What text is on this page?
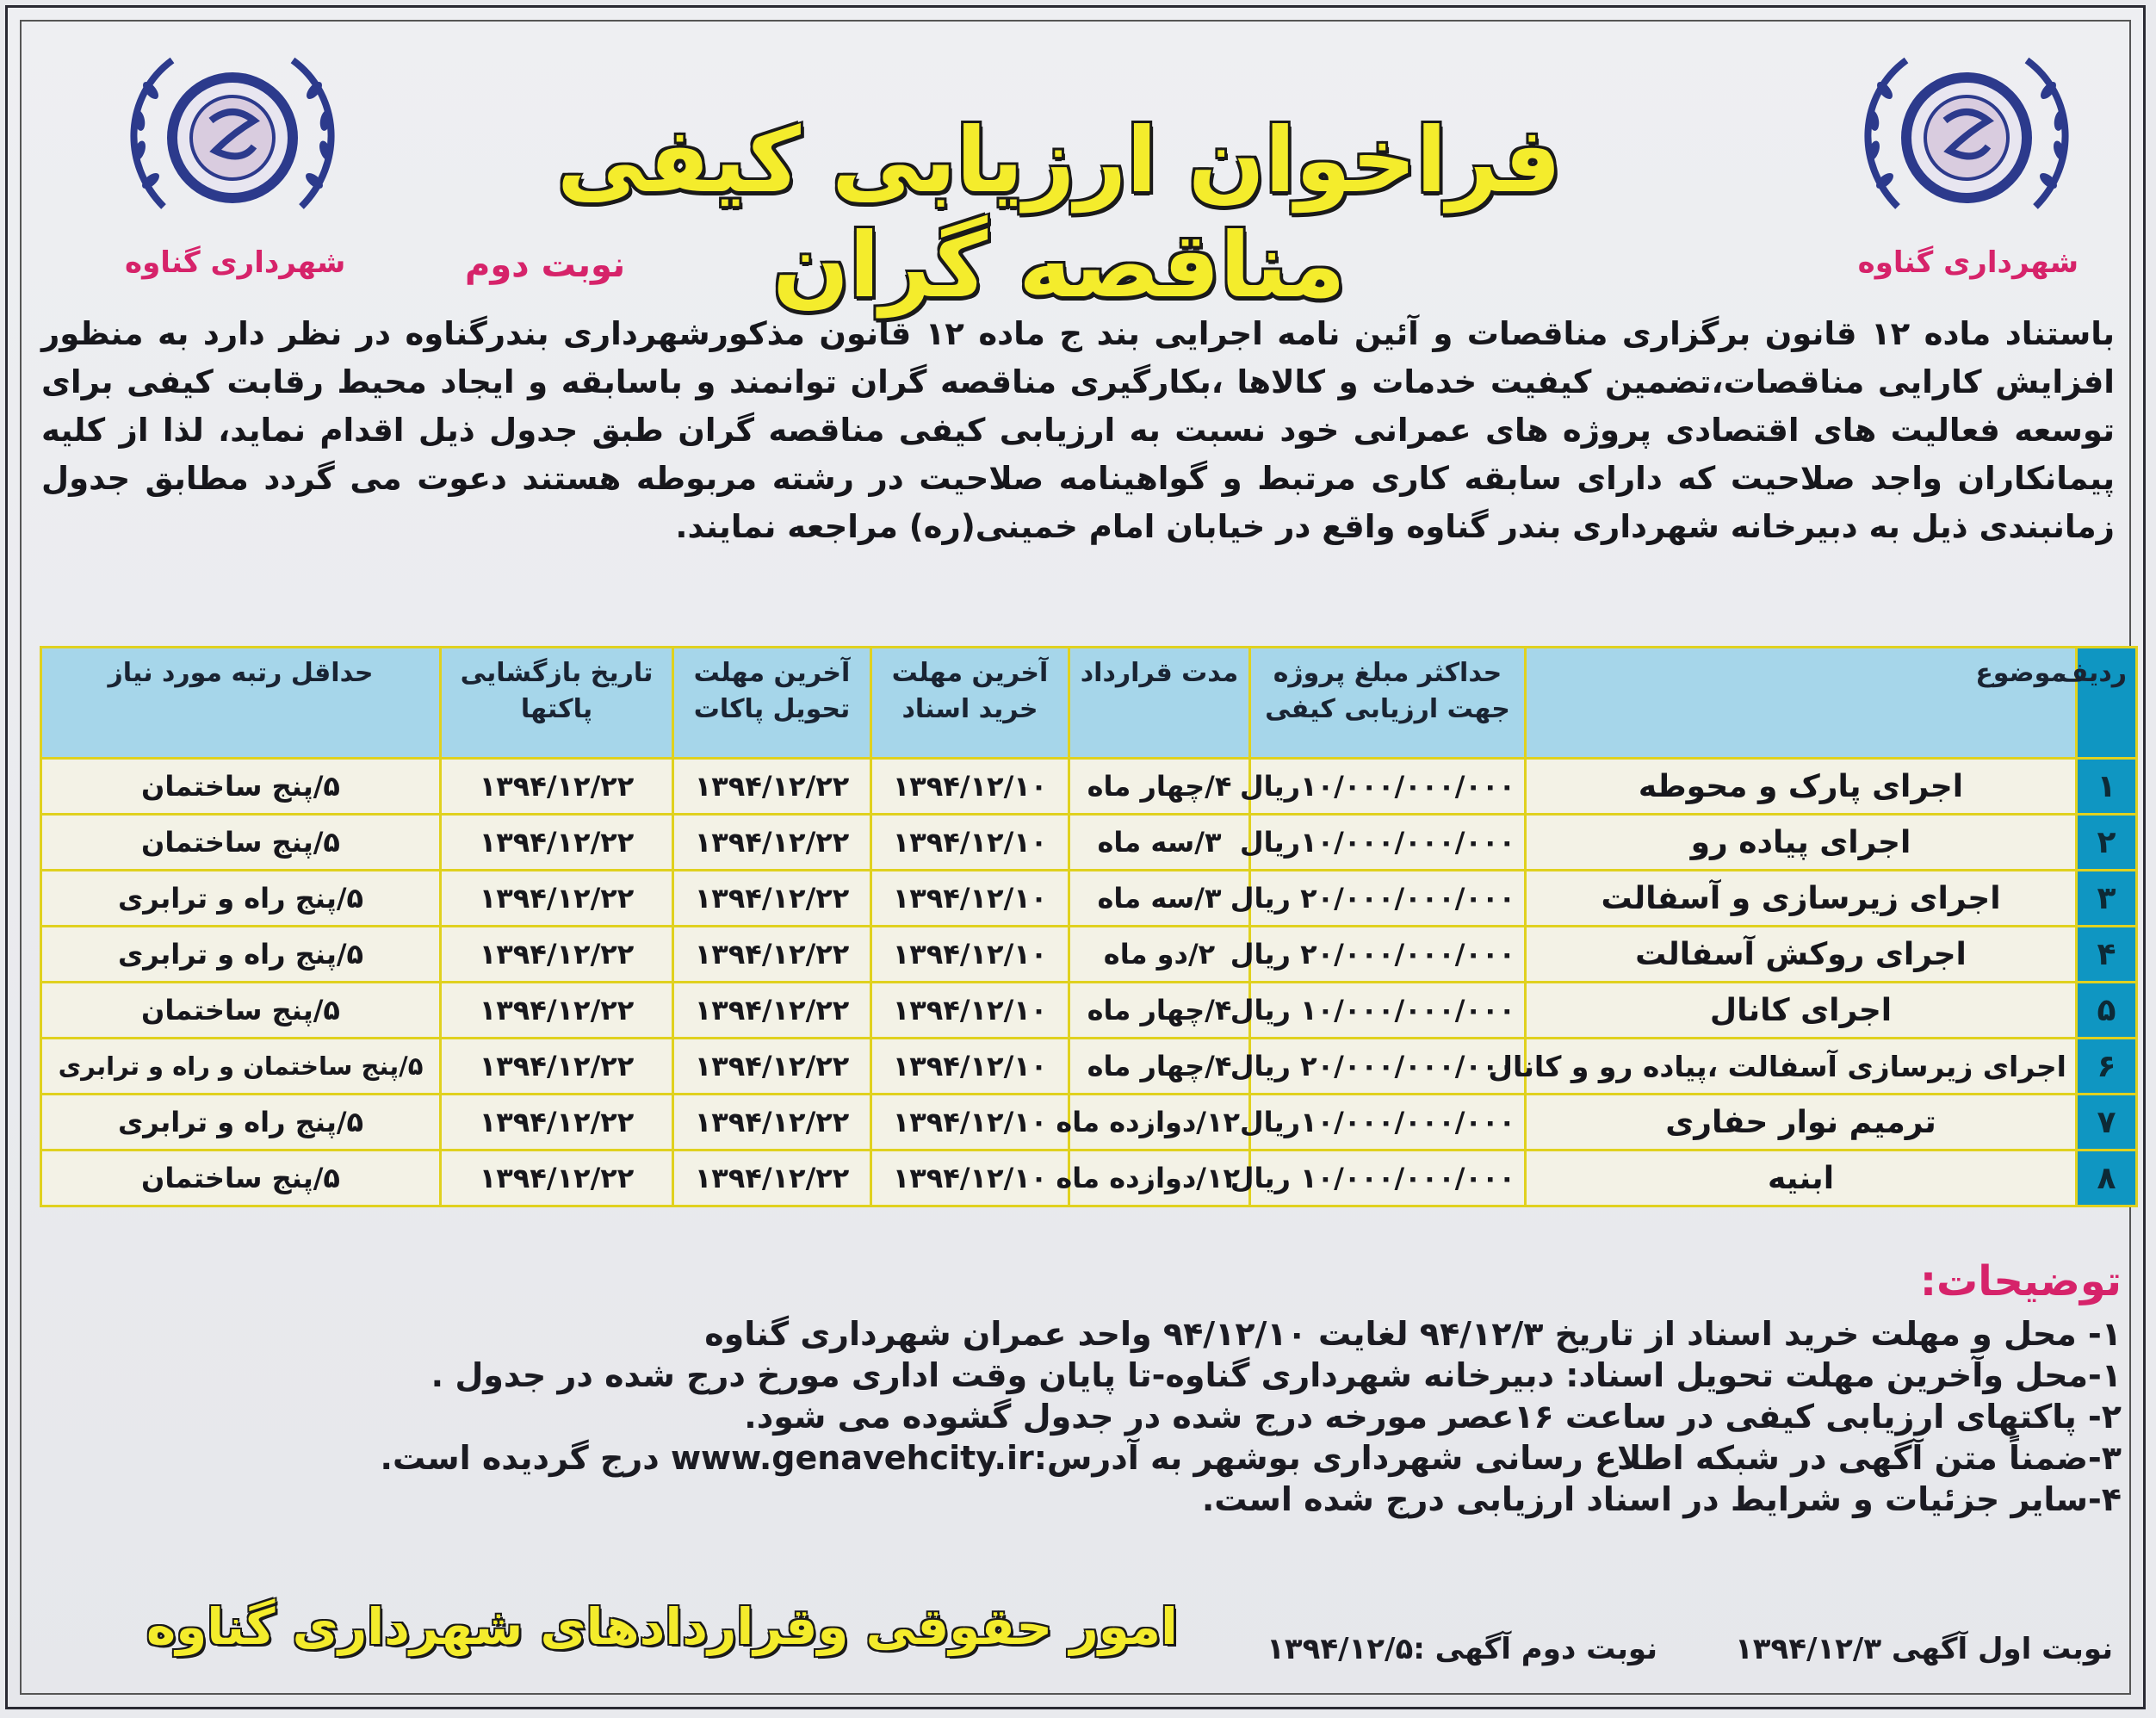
شهرداری گناوه
شهرداری گناوه
فراخوان ارزیابی کیفی مناقصه گران
نوبت دوم
باستناد ماده ۱۲ قانون برگزاری مناقصات و آئین نامه اجرایی بند ج ماده ۱۲ قانون مذکورشهرداری بندرگناوه در نظر دارد به منظور افزایش کارایی مناقصات،تضمین کیفیت خدمات و کالاها ،بکارگیری مناقصه گران توانمند و باسابقه و ایجاد محیط رقابت کیفی برای توسعه فعالیت های اقتصادی پروژه های عمرانی خود نسبت به ارزیابی کیفی مناقصه گران طبق جدول ذیل اقدام نماید، لذا از کلیه پیمانکاران واجد صلاحیت که دارای سابقه کاری مرتبط و گواهینامه صلاحیت در رشته مربوطه هستند دعوت می گردد مطابق جدول زمانبندی ذیل به دبیرخانه شهرداری بندر گناوه واقع در خیابان امام خمینی(ره) مراجعه نمایند.
ردیف	موضوع	حداکثر مبلغ پروژه جهت ارزیابی کیفی	مدت قرارداد	آخرین مهلت خرید اسناد	آخرین مهلت تحویل پاکات	تاریخ بازگشایی پاکتها	حداقل رتبه مورد نیاز
۱	اجرای پارک و محوطه	۱۰/۰۰۰/۰۰۰/۰۰۰ریال	۴/چهار ماه	۱۳۹۴/۱۲/۱۰	۱۳۹۴/۱۲/۲۲	۱۳۹۴/۱۲/۲۲	۵/پنج ساختمان
۲	اجرای پیاده رو	۱۰/۰۰۰/۰۰۰/۰۰۰ریال	۳/سه ماه	۱۳۹۴/۱۲/۱۰	۱۳۹۴/۱۲/۲۲	۱۳۹۴/۱۲/۲۲	۵/پنج ساختمان
۳	اجرای زیرسازی و آسفالت	۲۰/۰۰۰/۰۰۰/۰۰۰ ریال	۳/سه ماه	۱۳۹۴/۱۲/۱۰	۱۳۹۴/۱۲/۲۲	۱۳۹۴/۱۲/۲۲	۵/پنج راه و ترابری
۴	اجرای روکش آسفالت	۲۰/۰۰۰/۰۰۰/۰۰۰ ریال	۲/دو ماه	۱۳۹۴/۱۲/۱۰	۱۳۹۴/۱۲/۲۲	۱۳۹۴/۱۲/۲۲	۵/پنج راه و ترابری
۵	اجرای کانال	۱۰/۰۰۰/۰۰۰/۰۰۰ ریال	۴/چهار ماه	۱۳۹۴/۱۲/۱۰	۱۳۹۴/۱۲/۲۲	۱۳۹۴/۱۲/۲۲	۵/پنج ساختمان
۶	اجرای زیرسازی آسفالت ،پیاده رو و کانال	۲۰/۰۰۰/۰۰۰/۰۰۰ ریال	۴/چهار ماه	۱۳۹۴/۱۲/۱۰	۱۳۹۴/۱۲/۲۲	۱۳۹۴/۱۲/۲۲	۵/پنج ساختمان و راه و ترابری
۷	ترمیم نوار حفاری	۱۰/۰۰۰/۰۰۰/۰۰۰ریال	۱۲/دوازده ماه	۱۳۹۴/۱۲/۱۰	۱۳۹۴/۱۲/۲۲	۱۳۹۴/۱۲/۲۲	۵/پنج راه و ترابری
۸	ابنیه	۱۰/۰۰۰/۰۰۰/۰۰۰ ریال	۱۲/دوازده ماه	۱۳۹۴/۱۲/۱۰	۱۳۹۴/۱۲/۲۲	۱۳۹۴/۱۲/۲۲	۵/پنج ساختمان
توضیحات:
۱- محل و مهلت خرید اسناد از تاریخ ۹۴/۱۲/۳ لغایت ۹۴/۱۲/۱۰ واحد عمران شهرداری گناوه
۱-محل وآخرین مهلت تحویل اسناد: دبیرخانه شهرداری گناوه-تا پایان وقت اداری مورخ درج شده در جدول .
۲- پاکتهای ارزیابی کیفی در ساعت ۱۶عصر مورخه درج شده در جدول گشوده می شود.
۳-ضمناً متن آگهی در شبکه اطلاع رسانی شهرداری بوشهر به آدرس:www.genavehcity.ir درج گردیده است.
۴-سایر جزئیات و شرایط در اسناد ارزیابی درج شده است.
امور حقوقی وقراردادهای شهرداری گناوه	نوبت اول آگهی ۱۳۹۴/۱۲/۳
نوبت دوم آگهی :۱۳۹۴/۱۲/۵
